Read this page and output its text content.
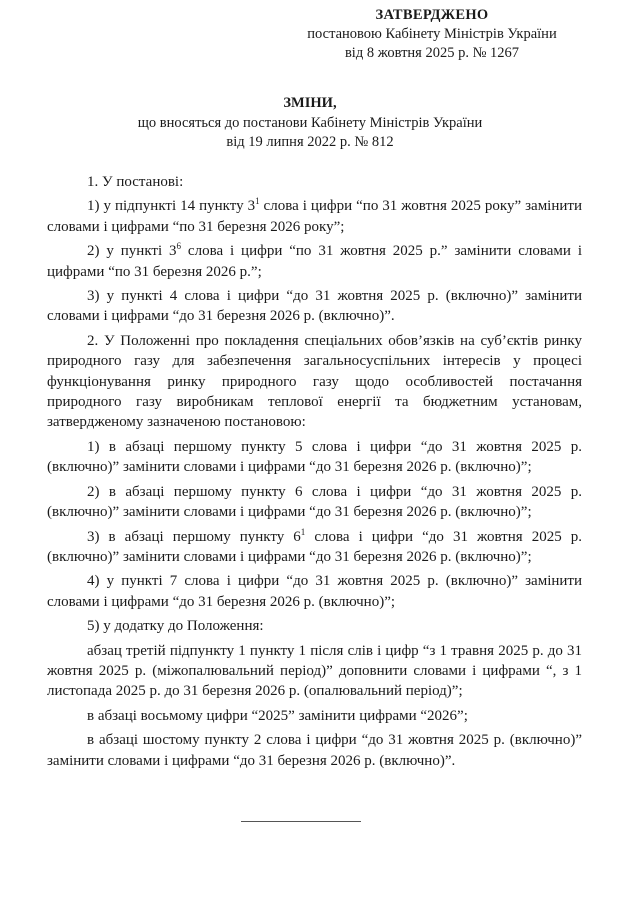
ЗАТВЕРДЖЕНО
постановою Кабінету Міністрів України
від 8 жовтня 2025 р. № 1267
ЗМІНИ,
що вносяться до постанови Кабінету Міністрів України
від 19 липня 2022 р. № 812

1. У постанові:

1) у підпункті 14 пункту $3^1$ слова і цифри “по 31 жовтня 2025 року” замінити словами і цифрами “по 31 березня 2026 року”;

2) у пункті $3^6$ слова і цифри “по 31 жовтня 2025 р.” замінити словами і цифрами “по 31 березня 2026 р.”;

3) у пункті 4 слова і цифри “до 31 жовтня 2025 р. (включно)” замінити словами і цифрами “до 31 березня 2026 р. (включно)”.

2. У Положенні про покладення спеціальних обов’язків на суб’єктів ринку природного газу для забезпечення загальносуспільних інтересів у процесі функціонування ринку природного газу щодо особливостей постачання природного газу виробникам теплової енергії та бюджетним установам, затвердженому зазначеною постановою:

1) в абзаці першому пункту 5 слова і цифри “до 31 жовтня 2025 р. (включно)” замінити словами і цифрами “до 31 березня 2026 р. (включно)”;

2) в абзаці першому пункту 6 слова і цифри “до 31 жовтня 2025 р. (включно)” замінити словами і цифрами “до 31 березня 2026 р. (включно)”;

3) в абзаці першому пункту $6^1$ слова і цифри “до 31 жовтня 2025 р. (включно)” замінити словами і цифрами “до 31 березня 2026 р. (включно)”;

4) у пункті 7 слова і цифри “до 31 жовтня 2025 р. (включно)” замінити словами і цифрами “до 31 березня 2026 р. (включно)”;

5) у додатку до Положення:

абзац третій підпункту 1 пункту 1 після слів і цифр “з 1 травня 2025 р. до 31 жовтня 2025 р. (міжопалювальний період)” доповнити словами і цифрами “, з 1 листопада 2025 р. до 31 березня 2026 р. (опалювальний період)”;

в абзаці восьмому цифри “2025” замінити цифрами “2026”;

в абзаці шостому пункту 2 слова і цифри “до 31 жовтня 2025 р. (включно)” замінити словами і цифрами “до 31 березня 2026 р. (включно)”.
